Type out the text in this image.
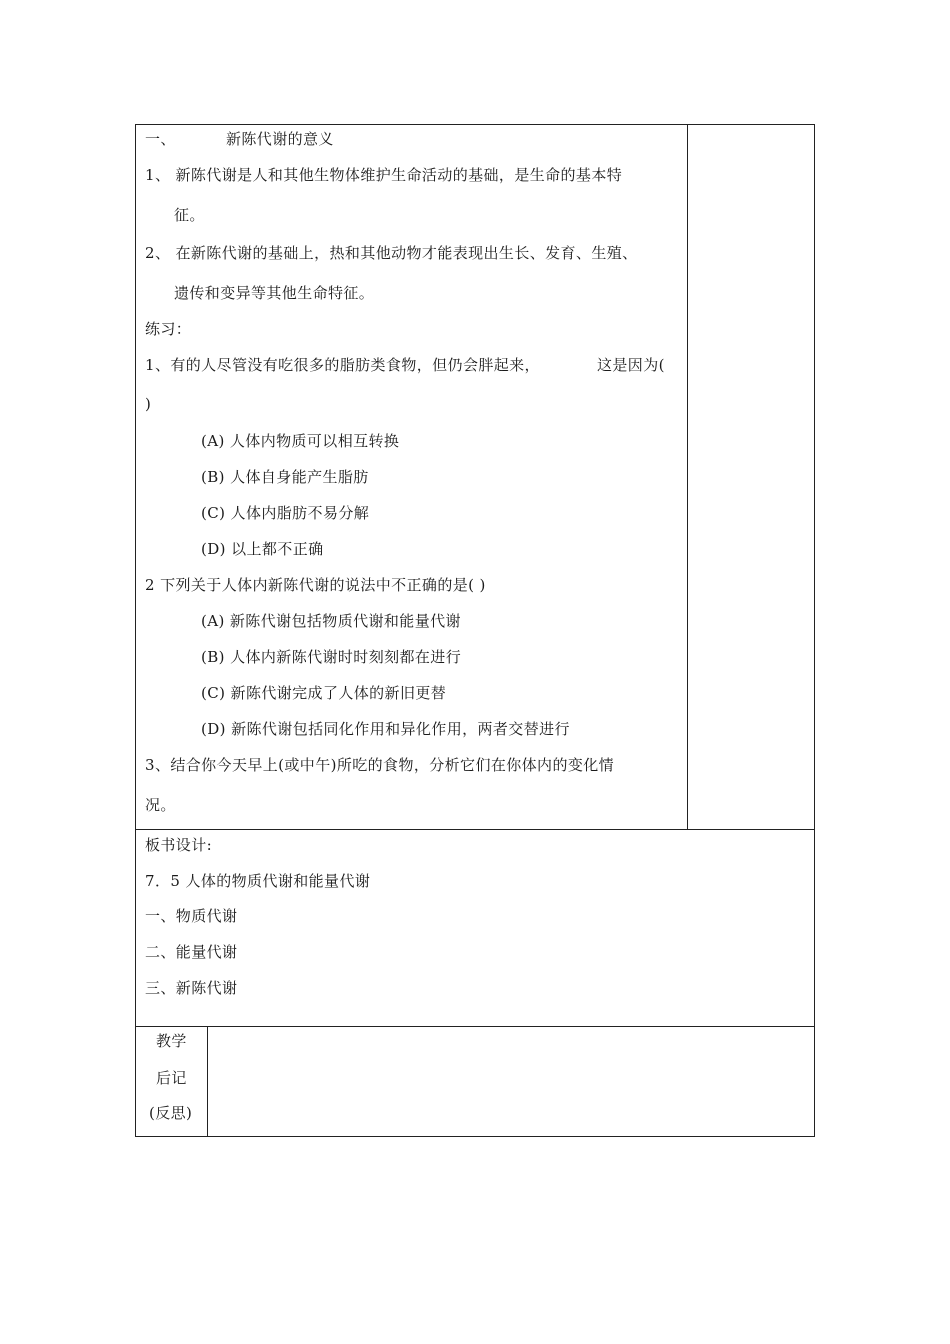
一、	新陈代谢的意义
1、 新陈代谢是人和其他生物体维护生命活动的基础，是生命的基本特
征。
2、 在新陈代谢的基础上，热和其他动物才能表现出生长、发育、生殖、
遗传和变异等其他生命特征。
练习：
1、有的人尽管没有吃很多的脂肪类食物，但仍会胖起来，	这是因为(
)
(A) 人体内物质可以相互转换
(B) 人体自身能产生脂肪
(C) 人体内脂肪不易分解
(D) 以上都不正确
2 下列关于人体内新陈代谢的说法中不正确的是( )
(A) 新陈代谢包括物质代谢和能量代谢
(B) 人体内新陈代谢时时刻刻都在进行
(C) 新陈代谢完成了人体的新旧更替
(D) 新陈代谢包括同化作用和异化作用，两者交替进行
3、结合你今天早上(或中午)所吃的食物，分析它们在你体内的变化情
况。
板书设计:
7．5 人体的物质代谢和能量代谢
一、物质代谢
二、能量代谢
三、新陈代谢
教学
后记
(反思)
